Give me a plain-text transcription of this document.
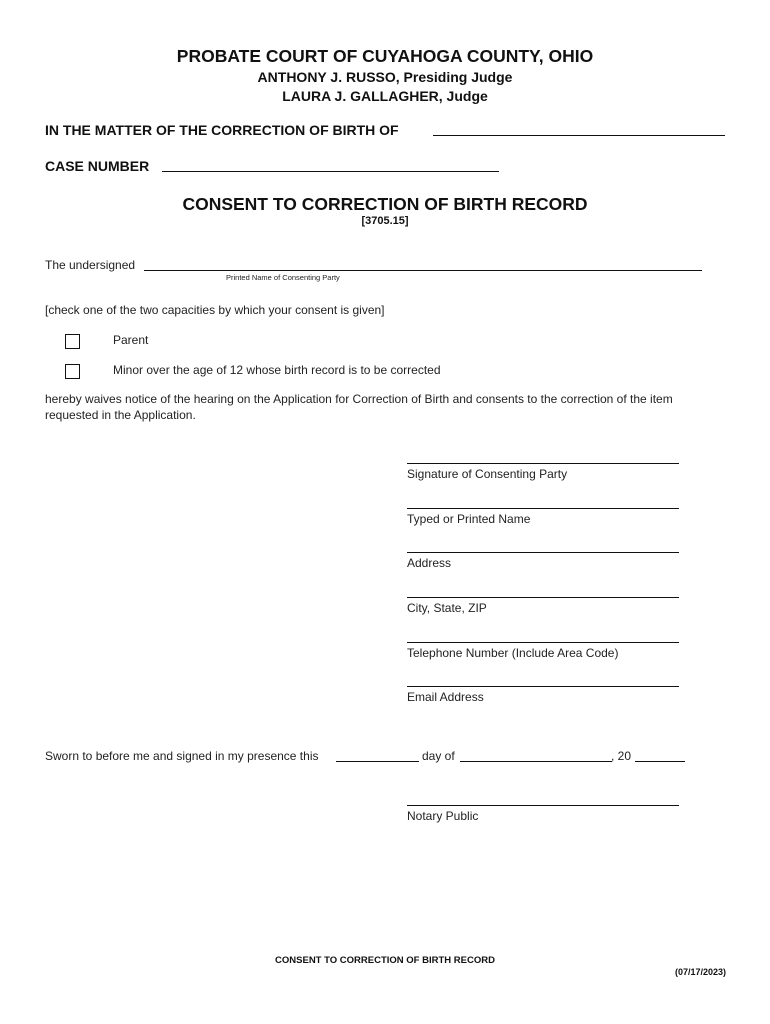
PROBATE COURT OF CUYAHOGA COUNTY, OHIO
ANTHONY J. RUSSO, Presiding Judge
LAURA J. GALLAGHER, Judge
IN THE MATTER OF THE CORRECTION OF BIRTH OF
CASE NUMBER
CONSENT TO CORRECTION OF BIRTH RECORD
[3705.15]
The undersigned
Printed Name of Consenting Party
[check one of the two capacities by which your consent is given]
Parent
Minor over the age of 12 whose birth record is to be corrected
hereby waives notice of the hearing on the Application for Correction of Birth and consents to the correction of the item
requested in the Application.
Signature of Consenting Party
Typed or Printed Name
Address
City, State, ZIP
Telephone Number (Include Area Code)
Email Address
Sworn to before me and signed in my presence this	day of	, 20
Notary Public
CONSENT TO CORRECTION OF BIRTH RECORD
(07/17/2023)
